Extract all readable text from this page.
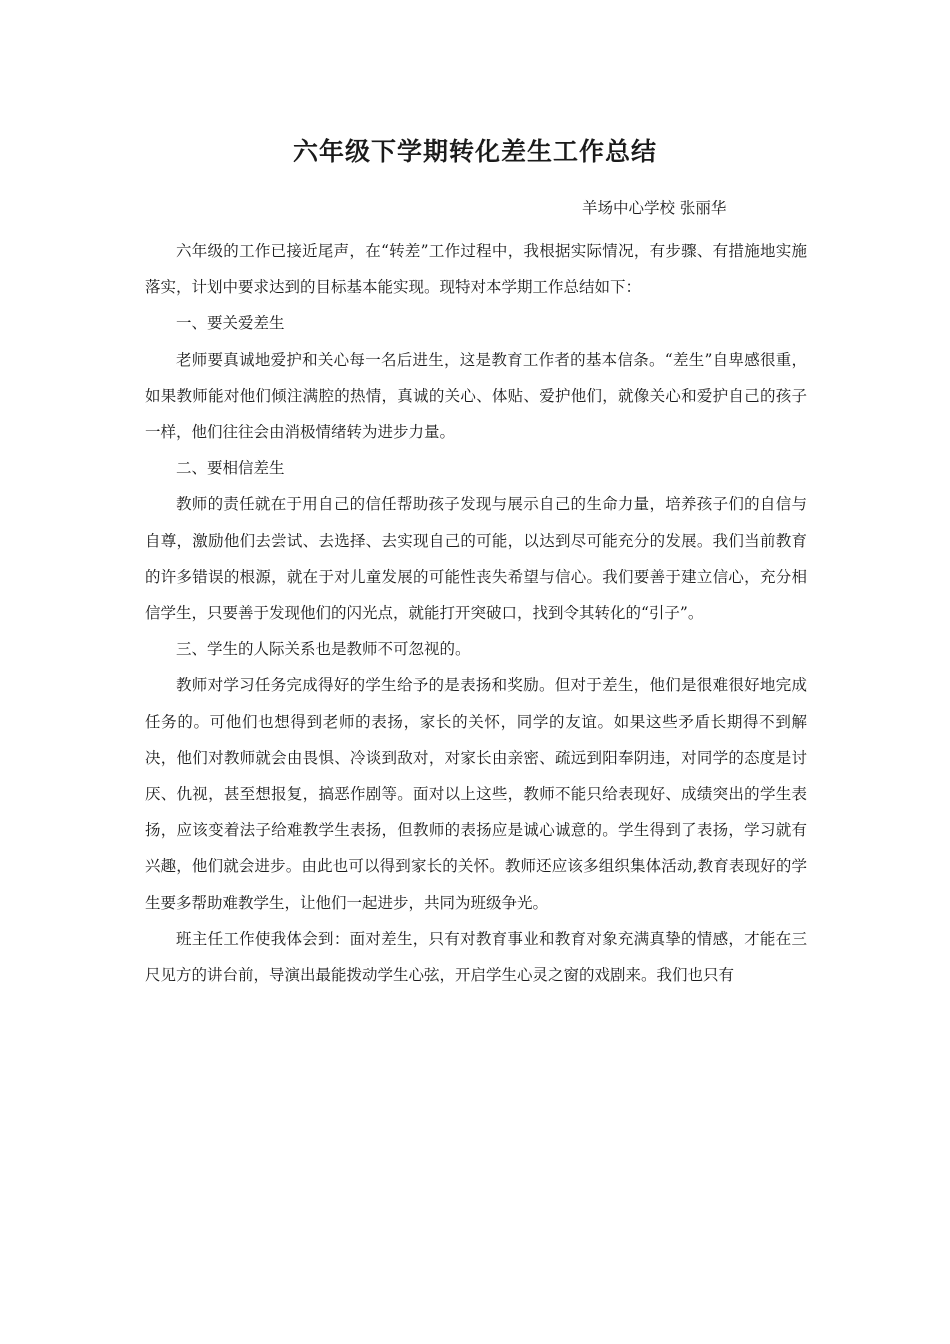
六年级下学期转化差生工作总结
羊场中心学校 张丽华

六年级的工作已接近尾声，在“转差”工作过程中，我根据实际情况，有步骤、有措施地实施落实，计划中要求达到的目标基本能实现。现特对本学期工作总结如下：

一、要关爱差生

老师要真诚地爱护和关心每一名后进生，这是教育工作者的基本信条。“差生”自卑感很重，如果教师能对他们倾注满腔的热情，真诚的关心、体贴、爱护他们，就像关心和爱护自己的孩子一样，他们往往会由消极情绪转为进步力量。

二、要相信差生

教师的责任就在于用自己的信任帮助孩子发现与展示自己的生命力量，培养孩子们的自信与自尊，激励他们去尝试、去选择、去实现自己的可能，以达到尽可能充分的发展。我们当前教育的许多错误的根源，就在于对儿童发展的可能性丧失希望与信心。我们要善于建立信心，充分相信学生，只要善于发现他们的闪光点，就能打开突破口，找到令其转化的“引子”。

三、学生的人际关系也是教师不可忽视的。

教师对学习任务完成得好的学生给予的是表扬和奖励。但对于差生，他们是很难很好地完成任务的。可他们也想得到老师的表扬，家长的关怀，同学的友谊。如果这些矛盾长期得不到解决，他们对教师就会由畏惧、冷谈到敌对，对家长由亲密、疏远到阳奉阴违，对同学的态度是讨厌、仇视，甚至想报复，搞恶作剧等。面对以上这些，教师不能只给表现好、成绩突出的学生表扬，应该变着法子给难教学生表扬，但教师的表扬应是诚心诚意的。学生得到了表扬，学习就有兴趣，他们就会进步。由此也可以得到家长的关怀。教师还应该多组织集体活动,教育表现好的学生要多帮助难教学生，让他们一起进步，共同为班级争光。

班主任工作使我体会到：面对差生，只有对教育事业和教育对象充满真挚的情感，才能在三尺见方的讲台前，导演出最能拨动学生心弦，开启学生心灵之窗的戏剧来。我们也只有
